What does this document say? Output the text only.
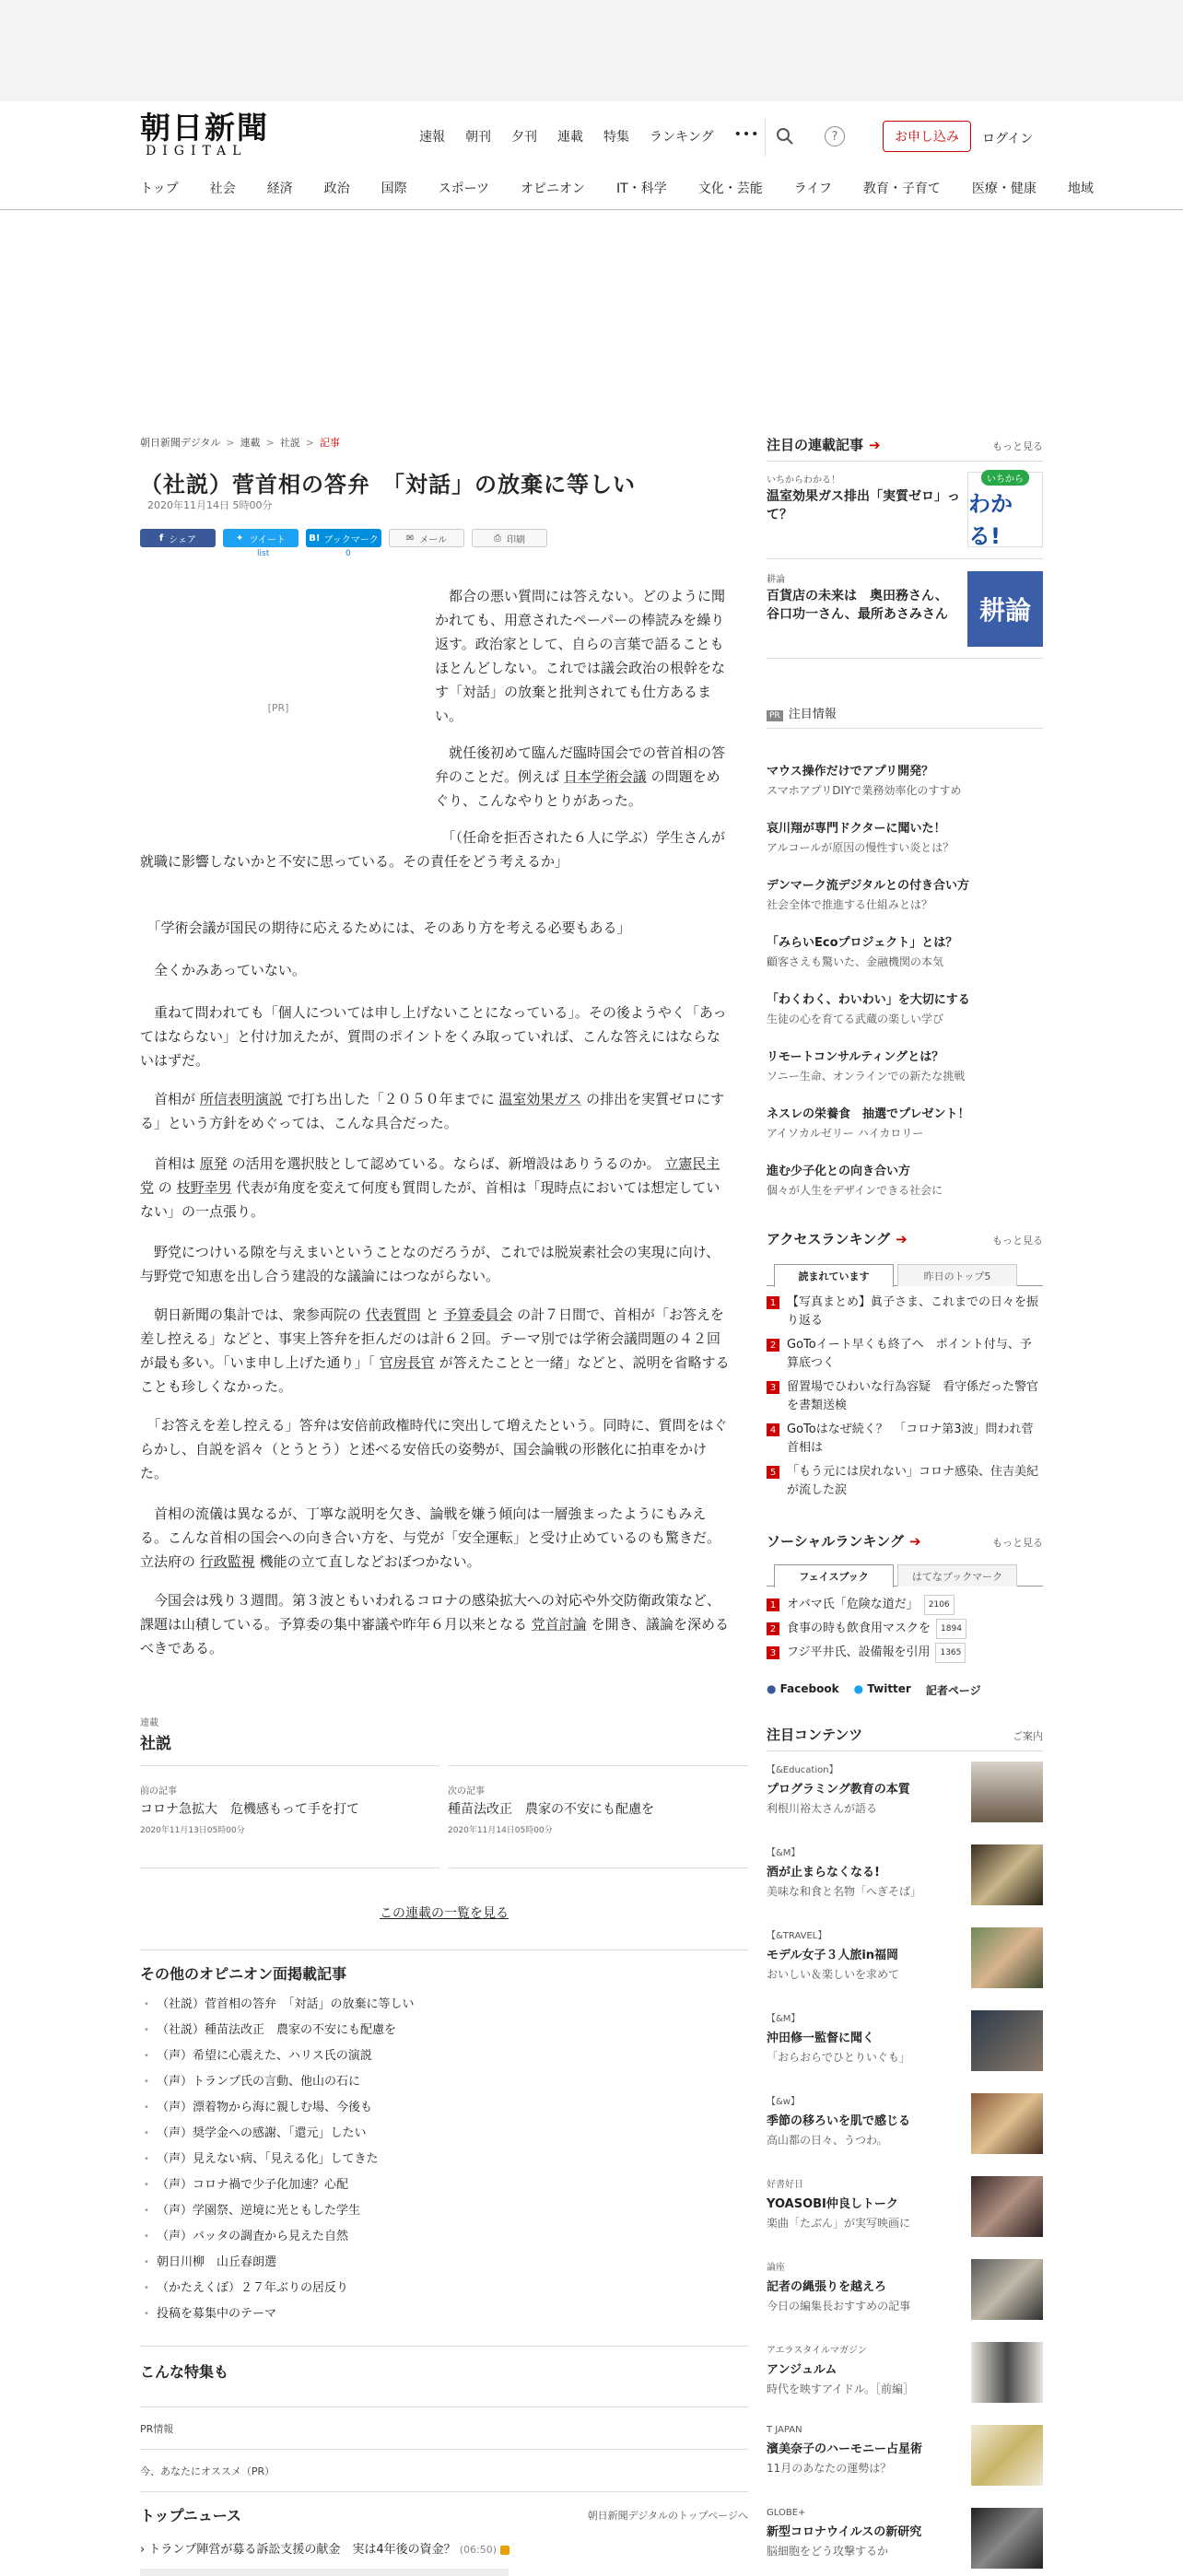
朝日新聞
DIGITAL
速報 朝刊 夕刊 連載 特集 ランキング •••	?	お申し込み	ログイン
トップ 社会 経済 政治 国際 スポーツ オピニオン IT・科学 文化・芸能 ライフ 教育・子育て 医療・健康 地域
朝日新聞デジタル > 連載 > 社説 > 記事
（社説）菅首相の答弁　「対話」の放棄に等しい
2020年11月14日 5時00分
f シェア	✦ ツイート	B! ブックマーク	✉ メール	⎙ 印刷
list	0
[PR]

　都合の悪い質問には答えない。どのように聞かれても、用意されたペーパーの棒読みを繰り返す。政治家として、自らの言葉で語ることもほとんどしない。これでは議会政治の根幹をなす「対話」の放棄と批判されても仕方あるまい。

　就任後初めて臨んだ臨時国会での菅首相の答弁のことだ。例えば 日本学術会議 の問題をめぐり、こんなやりとりがあった。

　「（任命を拒否された６人に学ぶ）学生さんが就職に影響しないかと不安に思っている。その責任をどう考えるか」

　「学術会議が国民の期待に応えるためには、そのあり方を考える必要もある」

　全くかみあっていない。

　重ねて問われても「個人については申し上げないことになっている」。その後ようやく「あってはならない」と付け加えたが、質問のポイントをくみ取っていれば、こんな答えにはならないはずだ。

　首相が 所信表明演説 で打ち出した「２０５０年までに 温室効果ガス の排出を実質ゼロにする」という方針をめぐっては、こんな具合だった。

　首相は 原発 の活用を選択肢として認めている。ならば、新増設はありうるのか。 立憲民主党 の 枝野幸男 代表が角度を変えて何度も質問したが、首相は「現時点においては想定していない」の一点張り。

　野党につけいる隙を与えまいということなのだろうが、これでは脱炭素社会の実現に向け、与野党で知恵を出し合う建設的な議論にはつながらない。

　朝日新聞の集計では、衆参両院の 代表質問 と 予算委員会 の計７日間で、首相が「お答えを差し控える」などと、事実上答弁を拒んだのは計６２回。テーマ別では学術会議問題の４２回が最も多い。「いま申し上げた通り」「 官房長官 が答えたことと一緒」などと、説明を省略することも珍しくなかった。

　「お答えを差し控える」答弁は安倍前政権時代に突出して増えたという。同時に、質問をはぐらかし、自説を滔々（とうとう）と述べる安倍氏の姿勢が、国会論戦の形骸化に拍車をかけた。

　首相の流儀は異なるが、丁寧な説明を欠き、論戦を嫌う傾向は一層強まったようにもみえる。こんな首相の国会への向き合い方を、与党が「安全運転」と受け止めているのも驚きだ。立法府の 行政監視 機能の立て直しなどおぼつかない。

　今国会は残り３週間。第３波ともいわれるコロナの感染拡大への対応や外交防衛政策など、課題は山積している。予算委の集中審議や昨年６月以来となる 党首討論 を開き、議論を深めるべきである。

連載
社説
前の記事
コロナ急拡大　危機感もって手を打て
2020年11月13日05時00分
次の記事
種苗法改正　農家の不安にも配慮を
2020年11月14日05時00分
この連載の一覧を見る
その他のオピニオン面掲載記事
• （社説）菅首相の答弁　「対話」の放棄に等しい
• （社説）種苗法改正　農家の不安にも配慮を
• （声）希望に心震えた、ハリス氏の演説
• （声）トランプ氏の言動、他山の石に
• （声）漂着物から海に親しむ場、今後も
• （声）奨学金への感謝、「還元」したい
• （声）見えない病、「見える化」してきた
• （声）コロナ禍で少子化加速？心配
• （声）学園祭、逆境に光ともした学生
• （声）バッタの調査から見えた自然
• 朝日川柳　山丘春朗選
• （かたえくぼ）２７年ぶりの居反り
• 投稿を募集中のテーマ
こんな特集も
PR情報
今、あなたにオススメ（PR）
トップニュース	朝日新聞デジタルのトップページへ
› トランプ陣営が募る訴訟支援の献金　実は4年後の資金？ (06:50)
注目の連載記事 ➔	もっと見る
いちからわかる！
温室効果ガス排出「実質ゼロ」って？
いちから
わかる!
耕論
百貨店の未来は　奥田務さん、谷口功一さん、最所あさみさん	耕論
PR 注目情報
マウス操作だけでアプリ開発？
スマホアプリDIYで業務効率化のすすめ
哀川翔が専門ドクターに聞いた！
アルコールが原因の慢性すい炎とは？
デンマーク流デジタルとの付き合い方
社会全体で推進する仕組みとは？
「みらいEcoプロジェクト」とは？
顧客さえも驚いた、金融機関の本気
「わくわく、わいわい」を大切にする
生徒の心を育てる武蔵の楽しい学び
リモートコンサルティングとは？
ソニー生命、オンラインでの新たな挑戦
ネスレの栄養食　抽選でプレゼント！
アイソカルゼリー ハイカロリー
進む少子化との向き合い方
個々が人生をデザインできる社会に
アクセスランキング ➔	もっと見る
読まれています	昨日のトップ5
1 【写真まとめ】眞子さま、これまでの日々を振り返る
2 GoToイート早くも終了へ　ポイント付与、予算底つく
3 留置場でひわいな行為容疑　看守係だった警官を書類送検
4 GoToはなぜ続く？　「コロナ第3波」問われ菅首相は
5 「もう元には戻れない」コロナ感染、住吉美紀が流した涙
ソーシャルランキング ➔	もっと見る
フェイスブック	はてなブックマーク
1 オバマ氏「危険な道だ」 2106
2 食事の時も飲食用マスクを 1894
3 フジ平井氏、設備報を引用 1365
● Facebook ● Twitter 記者ページ
注目コンテンツ	ご案内
【&Education】
プログラミング教育の本質
利根川裕太さんが語る
【&M】
酒が止まらなくなる!
美味な和食と名物「へぎそば」
【&TRAVEL】
モデル女子３人旅in福岡
おいしい＆楽しいを求めて
【&M】
沖田修一監督に聞く
「おらおらでひとりいぐも」
【&w】
季節の移ろいを肌で感じる
高山都の日々、うつわ。
好書好日
YOASOBI仲良しトーク
楽曲「たぶん」が実写映画に
論座
記者の縄張りを越えろ
今日の編集長おすすめの記事
アエラスタイルマガジン
アンジュルム
時代を映すアイドル。［前編］
T JAPAN
濱美奈子のハーモニー占星術
11月のあなたの運勢は？
GLOBE+
新型コロナウイルスの新研究
脳細胞をどう攻撃するか
